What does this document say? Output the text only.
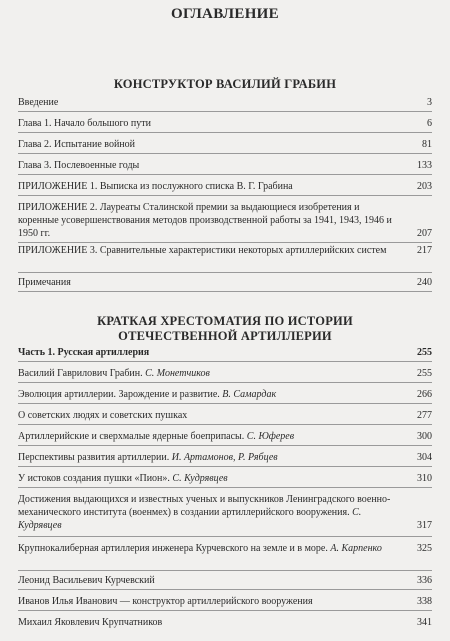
ОГЛАВЛЕНИЕ
КОНСТРУКТОР ВАСИЛИЙ ГРАБИН
Введение	3
Глава 1. Начало большого пути	6
Глава 2. Испытание войной	81
Глава 3. Послевоенные годы	133
ПРИЛОЖЕНИЕ 1. Выписка из послужного списка В. Г. Грабина	203
ПРИЛОЖЕНИЕ 2. Лауреаты Сталинской премии за выдающиеся изобретения и коренные усовершенствования методов производственной работы за 1941, 1943, 1946 и 1950 гг.	207
ПРИЛОЖЕНИЕ 3. Сравнительные характеристики некоторых артиллерийских систем	217
Примечания	240
КРАТКАЯ ХРЕСТОМАТИЯ ПО ИСТОРИИ
ОТЕЧЕСТВЕННОЙ АРТИЛЛЕРИИ
Часть 1. Русская артиллерия	255
Василий Гаврилович Грабин. С. Монетчиков	255
Эволюция артиллерии. Зарождение и развитие. В. Самардак	266
О советских людях и советских пушках	277
Артиллерийские и сверхмалые ядерные боеприпасы. С. Юферев	300
Перспективы развития артиллерии. И. Артамонов, Р. Рябцев	304
У истоков создания пушки «Пион». С. Кудрявцев	310
Достижения выдающихся и известных ученых и выпускников Ленинградского военно-механического института (военмех) в создании артиллерийского вооружения. С. Кудрявцев	317
Крупнокалиберная артиллерия инженера Курчевского на земле и в море. А. Карпенко	325
Леонид Васильевич Курчевский	336
Иванов Илья Иванович — конструктор артиллерийского вооружения	338
Михаил Яковлевич Крупчатников	341
